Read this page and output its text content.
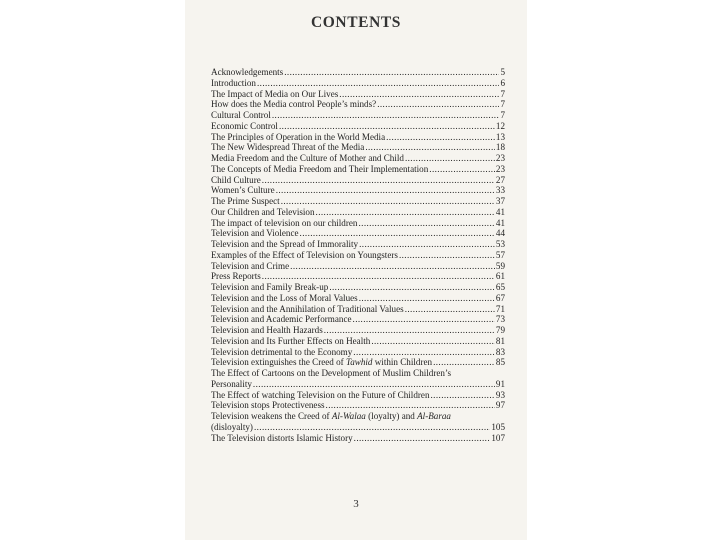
CONTENTS
Acknowledgements .....	5
Introduction .....	6
The Impact of Media on Our Lives .....	7
How does the Media control People’s minds? .....	7
Cultural Control .....	7
Economic Control .....	12
The Principles of Operation in the World Media .....	13
The New Widespread Threat of the Media .....	18
Media Freedom and the Culture of Mother and Child .....	23
The Concepts of Media Freedom and Their Implementation .....	23
Child Culture .....	27
Women’s Culture .....	33
The Prime Suspect .....	37
Our Children and Television .....	41
The impact of television on our children .....	41
Television and Violence .....	44
Television and the Spread of Immorality .....	53
Examples of the Effect of Television on Youngsters .....	57
Television and Crime .....	59
Press Reports .....	61
Television and Family Break-up .....	65
Television and the Loss of Moral Values .....	67
Television and the Annihilation of Traditional Values .....	71
Television and Academic Performance .....	73
Television and Health Hazards .....	79
Television and Its Further Effects on Health .....	81
Television detrimental to the Economy .....	83
Television extinguishes the Creed of Tawhid within Children .....	85
The Effect of Cartoons on the Development of Muslim Children’s
Personality .....	91
The Effect of watching Television on the Future of Children .....	93
Television stops Protectiveness .....	97
Television weakens the Creed of Al-Walaa (loyalty) and Al-Baraa
(disloyalty) .....	105
The Television distorts Islamic History .....	107
3
